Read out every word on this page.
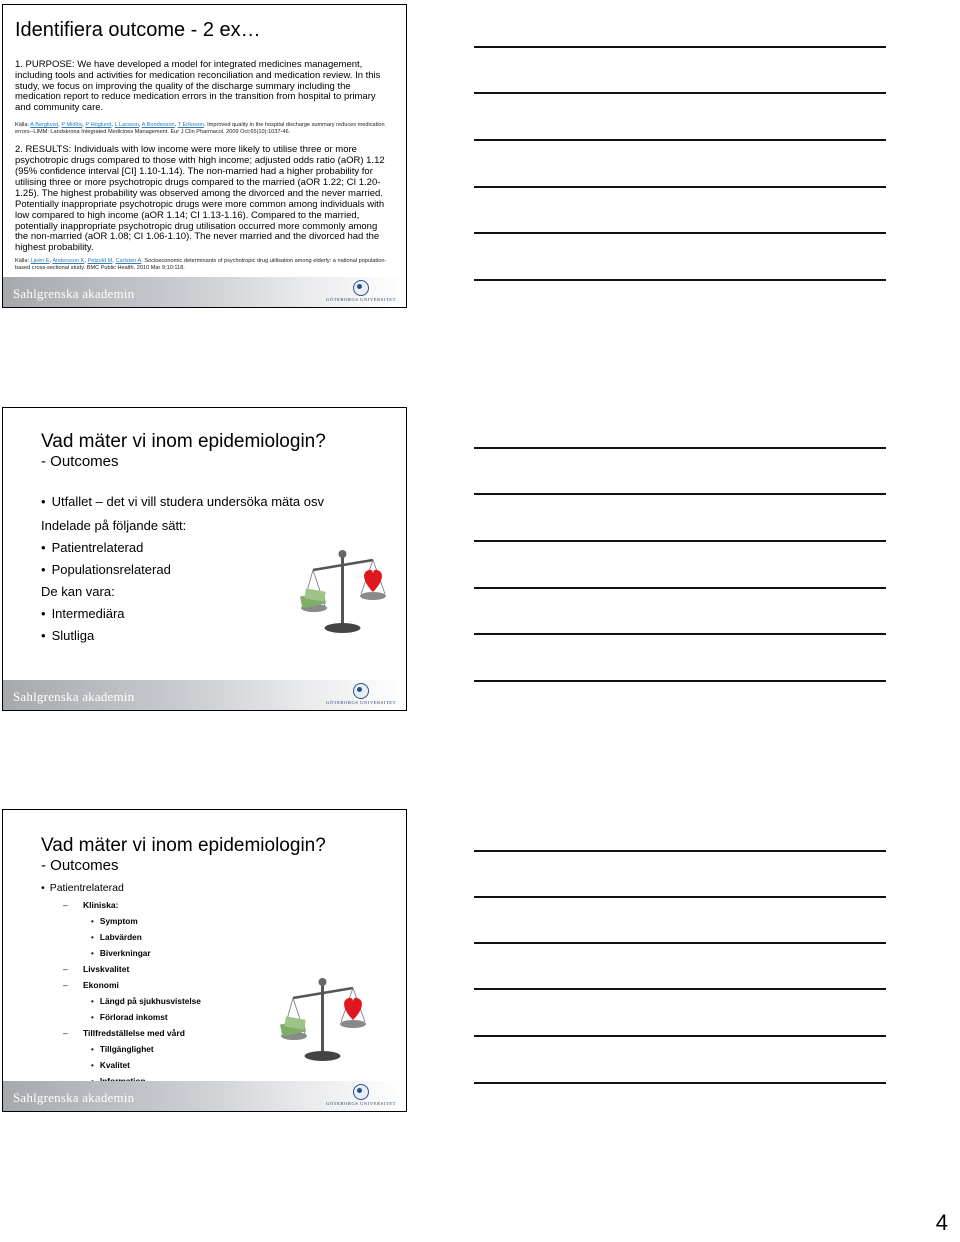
Identifiera outcome - 2 ex…

1. PURPOSE: We have developed a model for integrated medicines management, including tools and activities for medication reconciliation and medication review. In this study, we focus on improving the quality of the discharge summary including the medication report to reduce medication errors in the transition from hospital to primary and community care.

Källa: A Bergkvist, P Midlöv, P Höglund, L Larsson, A Bondesson, T Eriksson. Improved quality in the hospital discharge summary reduces medication errors--LIMM: Landskrona Integrated Medicines Management. Eur J Clin Pharmacol. 2009 Oct;65(10):1037-46.

2. RESULTS: Individuals with low income were more likely to utilise three or more psychotropic drugs compared to those with high income; adjusted odds ratio (aOR) 1.12 (95% confidence interval [CI] 1.10-1.14). The non-married had a higher probability for utilising three or more psychotropic drugs compared to the married (aOR 1.22; CI 1.20-1.25). The highest probability was observed among the divorced and the never married. Potentially inappropriate psychotropic drugs were more common among individuals with low compared to high income (aOR 1.14; CI 1.13-1.16). Compared to the married, potentially inappropriate psychotropic drug utilisation occurred more commonly among the non-married (aOR 1.08; CI 1.06-1.10). The never married and the divorced had the highest probability.

Källa: Ljeén E, Andersson K, Petzold M, Carlsten A. Socioeconomic determinants of psychotropic drug utilisation among elderly: a national population-based cross-sectional study. BMC Public Health. 2010 Mar 9;10:118.
Sahlgrenska akademin	GÖTEBORGS UNIVERSITET
Vad mäter vi inom epidemiologin?
- Outcomes
• Utfallet – det vi vill studera undersöka mäta osv
Indelade på följande sätt:
• Patientrelaterad
• Populationsrelaterad
De kan vara:
• Intermediära
• Slutliga
Sahlgrenska akademin	GÖTEBORGS UNIVERSITET
Vad mäter vi inom epidemiologin?
- Outcomes
• Patientrelaterad
– Kliniska:
• Symptom
• Labvärden
• Biverkningar
– Livskvalitet
– Ekonomi
• Längd på sjukhusvistelse
• Förlorad inkomst
– Tillfredställelse med vård
• Tillgänglighet
• Kvalitet
•
Sahlgrenska akademin	GÖTEBORGS UNIVERSITET
4
